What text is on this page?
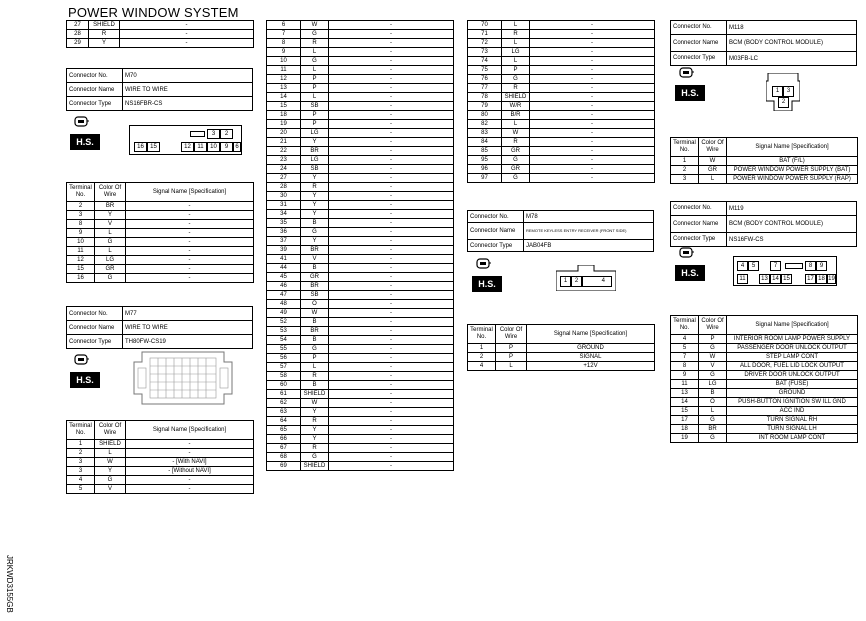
POWER WINDOW SYSTEM
JRKWD3155GB
27	SHIELD	-
28	R	-
29	Y	-
Connector No.	M70
Connector Name	WIRE TO WIRE
Connector Type	NS16FBR-CS
H.S.
3	2
16	15	12	11	10	9	6
Terminal No.	Color Of Wire	Signal Name [Specification]
2	BR	-
3	Y	-
8	V	-
9	L	-
10	G	-
11	L	-
12	LG	-
15	GR	-
16	G	-
Connector No.	M77
Connector Name	WIRE TO WIRE
Connector Type	TH80FW-CS19
H.S.
Terminal No.	Color Of Wire	Signal Name [Specification]
1	SHIELD	-
2	L	-
3	W	- [With NAVI]
3	Y	- [Without NAVI]
4	G	-
5	V	-
6	W	-
7	G	-
8	R	-
9	L	-
10	G	-
11	L	-
12	P	-
13	P	-
14	L	-
15	SB	-
18	P	-
19	P	-
20	LG	-
21	Y	-
22	BR	-
23	LG	-
24	SB	-
27	Y	-
28	R	-
30	Y	-
31	Y	-
34	Y	-
35	B	-
36	G	-
37	Y	-
39	BR	-
41	V	-
44	B	-
45	GR	-
46	BR	-
47	SB	-
48	O	-
49	W	-
52	B	-
53	BR	-
54	B	-
55	G	-
56	P	-
57	L	-
58	R	-
60	B	-
61	SHIELD	-
62	W	-
63	Y	-
64	R	-
65	Y	-
66	Y	-
67	R	-
68	G	-
69	SHIELD	-
70	L	-
71	R	-
72	L	-
73	LG	-
74	L	-
75	P	-
76	G	-
77	R	-
78	SHIELD	-
79	W/R	-
80	B/R	-
82	L	-
83	W	-
84	R	-
85	GR	-
95	G	-
96	GR	-
97	G	-
Connector No.	M78
Connector Name	REMOTE KEYLESS ENTRY RECEIVER (FRONT SIDE)
Connector Type	JAB04FB
H.S.	1	2	4
Terminal No.	Color Of Wire	Signal Name [Specification]
1	P	GROUND
2	P	SIGNAL
4	L	+12V
Connector No.	M118
Connector Name	BCM (BODY CONTROL MODULE)
Connector Type	M03FB-LC
H.S.	1	3
2
Terminal No.	Color Of Wire	Signal Name [Specification]
1	W	BAT (F/L)
2	GR	POWER WINDOW POWER SUPPLY (BAT)
3	L	POWER WINDOW POWER SUPPLY (RAP)
Connector No.	M119
Connector Name	BCM (BODY CONTROL MODULE)
Connector Type	NS16FW-CS
H.S.
4	5	7	8	9
11	13 14 15	17 18 19
Terminal No.	Color Of Wire	Signal Name [Specification]
4	P	INTERIOR ROOM LAMP POWER SUPPLY
5	G	PASSENGER DOOR UNLOCK OUTPUT
7	W	STEP LAMP CONT
8	V	ALL DOOR, FUEL LID LOCK OUTPUT
9	G	DRIVER DOOR UNLOCK OUTPUT
11	LG	BAT (FUSE)
13	B	GROUND
14	O	PUSH-BUTTON IGNITION SW ILL GND
15	L	ACC IND
17	G	TURN SIGNAL RH
18	BR	TURN SIGNAL LH
19	G	INT ROOM LAMP CONT
